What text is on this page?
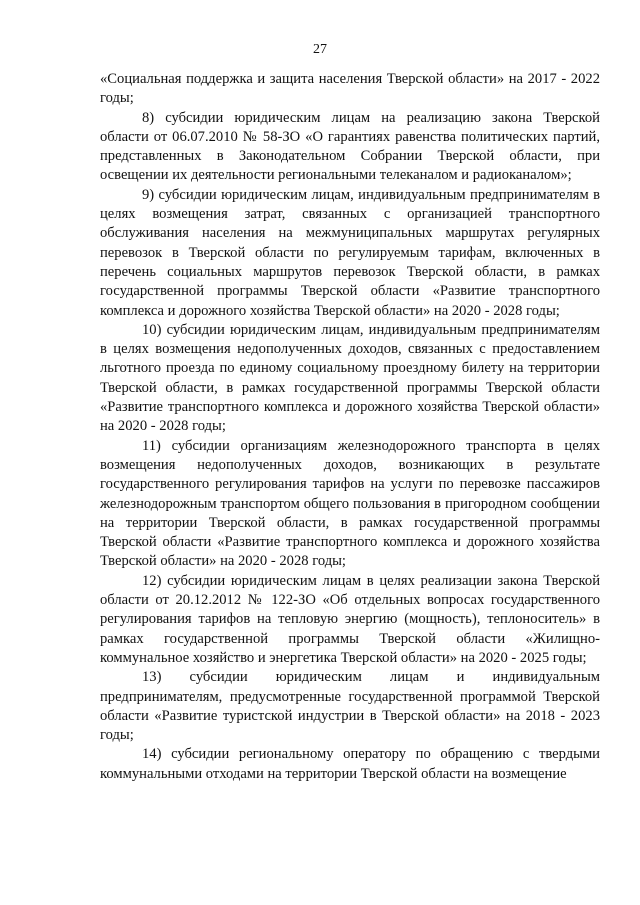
27

«Социальная поддержка и защита населения Тверской области» на 2017 - 2022 годы;

8) субсидии юридическим лицам на реализацию закона Тверской области от 06.07.2010 № 58-ЗО «О гарантиях равенства политических партий, представленных в Законодательном Собрании Тверской области, при освещении их деятельности региональными телеканалом и радиоканалом»;

9) субсидии юридическим лицам, индивидуальным предпринимателям в целях возмещения затрат, связанных с организацией транспортного обслуживания населения на межмуниципальных маршрутах регулярных перевозок в Тверской области по регулируемым тарифам, включенных в перечень социальных маршрутов перевозок Тверской области, в рамках государственной программы Тверской области «Развитие транспортного комплекса и дорожного хозяйства Тверской области» на 2020 - 2028 годы;

10) субсидии юридическим лицам, индивидуальным предпринимателям в целях возмещения недополученных доходов, связанных с предоставлением льготного проезда по единому социальному проездному билету на территории Тверской области, в рамках государственной программы Тверской области «Развитие транспортного комплекса и дорожного хозяйства Тверской области» на 2020 - 2028 годы;

11) субсидии организациям железнодорожного транспорта в целях возмещения недополученных доходов, возникающих в результате государственного регулирования тарифов на услуги по перевозке пассажиров железнодорожным транспортом общего пользования в пригородном сообщении на территории Тверской области, в рамках государственной программы Тверской области «Развитие транспортного комплекса и дорожного хозяйства Тверской области» на 2020 - 2028 годы;

12) субсидии юридическим лицам в целях реализации закона Тверской области от 20.12.2012 № 122-ЗО «Об отдельных вопросах государственного регулирования тарифов на тепловую энергию (мощность), теплоноситель» в рамках государственной программы Тверской области «Жилищно-коммунальное хозяйство и энергетика Тверской области» на 2020 - 2025 годы;

13) субсидии юридическим лицам и индивидуальным предпринимателям, предусмотренные государственной программой Тверской области «Развитие туристской индустрии в Тверской области» на 2018 - 2023 годы;

14) субсидии региональному оператору по обращению с твердыми коммунальными отходами на территории Тверской области на возмещение
